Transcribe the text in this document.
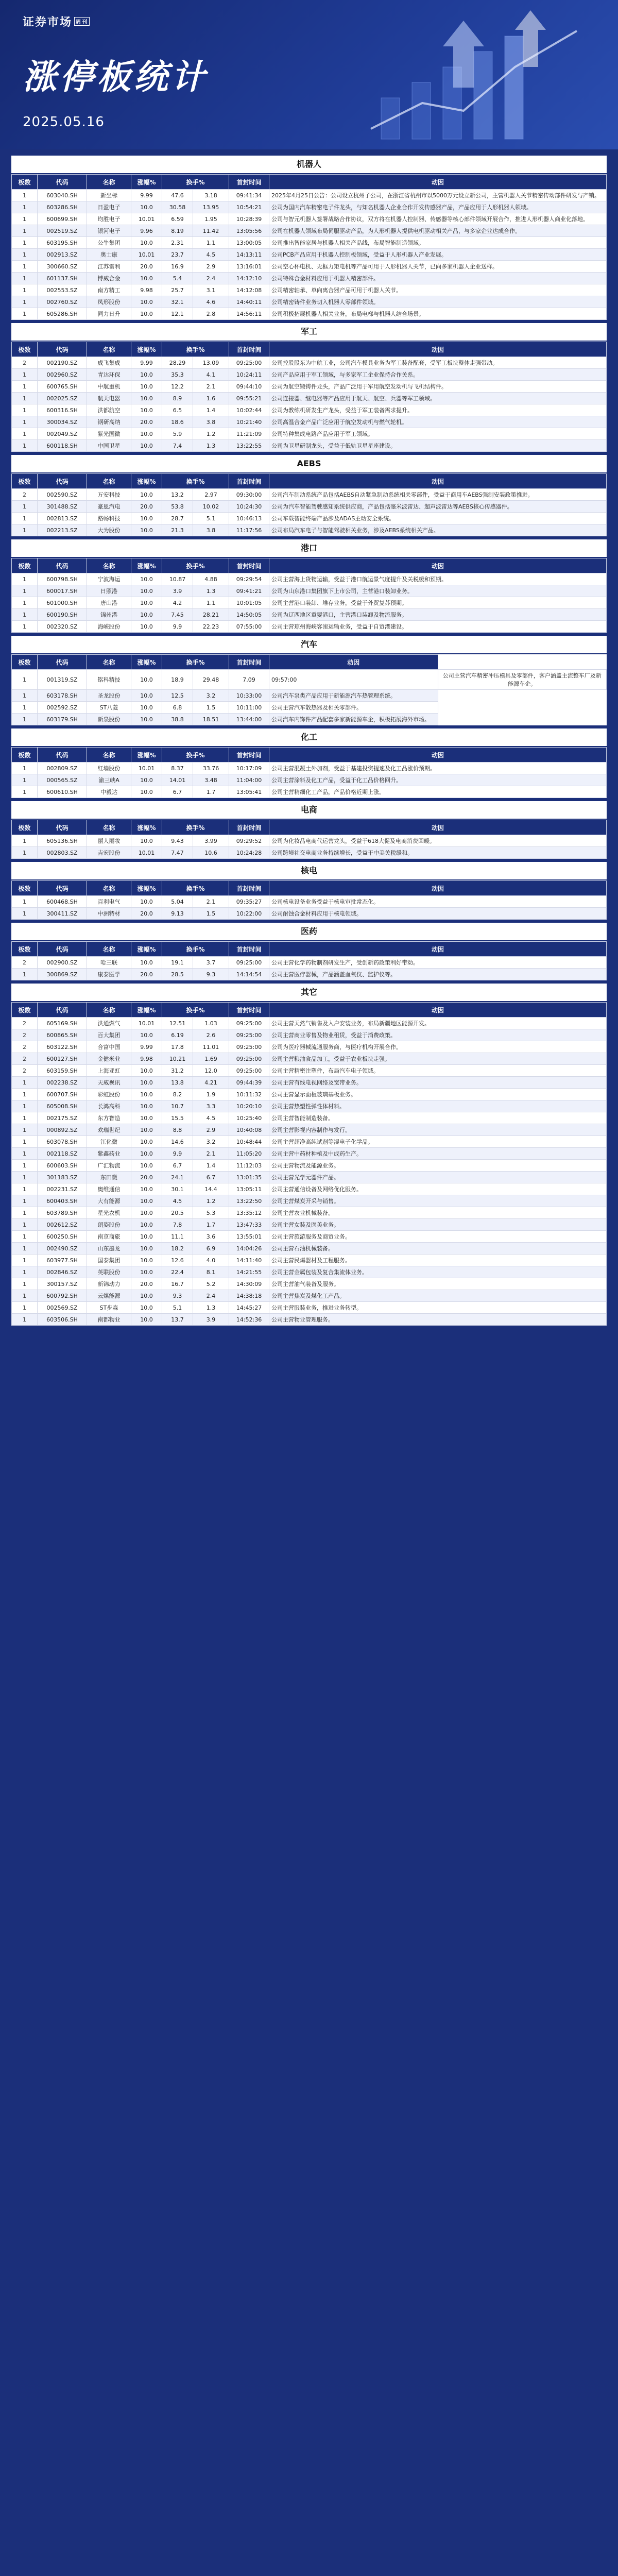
证券市场 周刊
涨停板统计
2025.05.16
机器人
板数	代码	名称	涨幅%	换手%		首封时间	动因
1	603040.SH	新坐标	9.99	47.6	3.18	09:41:34	2025年4月25日公告：公司设立杭州子公司，在浙江省杭州市以5000万元设立新公司，主营机器人关节精密传动部件研发与产销。
1	603286.SH	日盈电子	10.0	30.58	13.95	10:54:21	公司为国内汽车精密电子件龙头，与知名机器人企业合作开发传感器产品，产品应用于人形机器人领域。
1	600699.SH	均胜电子	10.01	6.59	1.95	10:28:39	公司与智元机器人签署战略合作协议，双方将在机器人控制器、传感器等核心部件领域开展合作，推进人形机器人商业化落地。
1	002519.SZ	银河电子	9.96	8.19	11.42	13:05:56	公司在机器人领域布局伺服驱动产品，为人形机器人提供电机驱动相关产品，与多家企业达成合作。
1	603195.SH	公牛集团	10.0	2.31	1.1	13:00:05	公司推出智能家居与机器人相关产品线，布局智能制造领域。
1	002913.SZ	奥士康	10.01	23.7	4.5	14:13:11	公司PCB产品应用于机器人控制板领域，受益于人形机器人产业发展。
1	300660.SZ	江苏雷利	20.0	16.9	2.9	13:16:01	公司空心杯电机、无框力矩电机等产品可用于人形机器人关节，已向多家机器人企业送样。
1	601137.SH	博威合金	10.0	5.4	2.4	14:12:10	公司特殊合金材料应用于机器人精密部件。
1	002553.SZ	南方精工	9.98	25.7	3.1	14:12:08	公司精密轴承、单向离合器产品可用于机器人关节。
1	002760.SZ	凤形股份	10.0	32.1	4.6	14:40:11	公司精密铸件业务切入机器人零部件领域。
1	605286.SH	同力日升	10.0	12.1	2.8	14:56:11	公司积极拓展机器人相关业务，布局电梯与机器人结合场景。
军工
板数	代码	名称	涨幅%	换手%		首封时间	动因
2	002190.SZ	成飞集成	9.99	28.29	13.09	09:25:00	公司控股股东为中航工业，公司汽车模具业务为军工装备配套，受军工板块整体走强带动。
1	002960.SZ	青达环保	10.0	35.3	4.1	10:24:11	公司产品应用于军工领域，与多家军工企业保持合作关系。
1	600765.SH	中航重机	10.0	12.2	2.1	09:44:10	公司为航空锻铸件龙头，产品广泛用于军用航空发动机与飞机结构件。
1	002025.SZ	航天电器	10.0	8.9	1.6	09:55:21	公司连接器、继电器等产品应用于航天、航空、兵器等军工领域。
1	600316.SH	洪都航空	10.0	6.5	1.4	10:02:44	公司为教练机研发生产龙头，受益于军工装备需求提升。
1	300034.SZ	钢研高纳	20.0	18.6	3.8	10:21:40	公司高温合金产品广泛应用于航空发动机与燃气轮机。
1	002049.SZ	紫光国微	10.0	5.9	1.2	11:21:09	公司特种集成电路产品应用于军工领域。
1	600118.SH	中国卫星	10.0	7.4	1.3	13:22:55	公司为卫星研制龙头，受益于低轨卫星星座建设。
AEBS
板数	代码	名称	涨幅%	换手%		首封时间	动因
2	002590.SZ	万安科技	10.0	13.2	2.97	09:30:00	公司汽车制动系统产品包括AEBS自动紧急制动系统相关零部件，受益于商用车AEBS强制安装政策推进。
1	301488.SZ	豪恩汽电	20.0	53.8	10.02	10:24:30	公司为汽车智能驾驶感知系统供应商，产品包括毫米波雷达、超声波雷达等AEBS核心传感器件。
1	002813.SZ	路畅科技	10.0	28.7	5.1	10:46:13	公司车载智能终端产品涉及ADAS主动安全系统。
1	002213.SZ	大为股份	10.0	21.3	3.8	11:17:56	公司布局汽车电子与智能驾驶相关业务，涉及AEBS系统相关产品。
港口
板数	代码	名称	涨幅%	换手%		首封时间	动因
1	600798.SH	宁波海运	10.0	10.87	4.88	09:29:54	公司主营海上货物运输，受益于港口航运景气度提升及关税缓和预期。
1	600017.SH	日照港	10.0	3.9	1.3	09:41:21	公司为山东港口集团旗下上市公司，主营港口装卸业务。
1	601000.SH	唐山港	10.0	4.2	1.1	10:01:05	公司主营港口装卸、堆存业务，受益于外贸复苏预期。
1	600190.SH	锦州港	10.0	7.45	28.21	14:50:05	公司为辽西地区重要港口，主营港口装卸及物流服务。
1	002320.SZ	海峡股份	10.0	9.9	22.23	07:55:00	公司主营琼州海峡客滚运输业务，受益于自贸港建设。
汽车
板数	代码	名称	涨幅%	换手%		首封时间	动因	
1	001319.SZ	铭科精技	10.0	18.9	29.48	7.09	09:57:00	公司主营汽车精密冲压模具及零部件，客户涵盖主流整车厂及新能源车企。
1	603178.SH	圣龙股份	10.0	12.5	3.2	10:33:00	公司汽车泵类产品应用于新能源汽车热管理系统。	
1	002592.SZ	ST八菱	10.0	6.8	1.5	10:11:00	公司主营汽车散热器及相关零部件。	
1	603179.SH	新泉股份	10.0	38.8	18.51	13:44:00	公司汽车内饰件产品配套多家新能源车企，积极拓展海外市场。	
化工
板数	代码	名称	涨幅%	换手%		首封时间	动因
1	002809.SZ	红墙股份	10.01	8.37	33.76	10:17:09	公司主营混凝土外加剂，受益于基建投资提速及化工品涨价预期。
1	000565.SZ	渝三峡A	10.0	14.01	3.48	11:04:00	公司主营涂料及化工产品，受益于化工品价格回升。
1	600610.SH	中毅达	10.0	6.7	1.7	13:05:41	公司主营精细化工产品，产品价格近期上涨。
电商
板数	代码	名称	涨幅%	换手%		首封时间	动因
1	605136.SH	丽人丽妆	10.0	9.43	3.99	09:29:52	公司为化妆品电商代运营龙头，受益于618大促及电商消费回暖。
1	002803.SZ	吉宏股份	10.01	7.47	10.6	10:24:28	公司跨境社交电商业务持续增长，受益于中美关税缓和。
核电
板数	代码	名称	涨幅%	换手%		首封时间	动因
1	600468.SH	百利电气	10.0	5.04	2.1	09:35:27	公司核电设备业务受益于核电审批常态化。
1	300411.SZ	中洲特材	20.0	9.13	1.5	10:22:00	公司耐蚀合金材料应用于核电领域。
医药
板数	代码	名称	涨幅%	换手%		首封时间	动因
2	002900.SZ	哈三联	10.0	19.1	3.7	09:25:00	公司主营化学药物制剂研发生产，受创新药政策利好带动。
1	300869.SZ	康泰医学	20.0	28.5	9.3	14:14:54	公司主营医疗器械，产品涵盖血氧仪、监护仪等。
其它
板数	代码	名称	涨幅%	换手%		首封时间	动因
2	605169.SH	洪通燃气	10.01	12.51	1.03	09:25:00	公司主营天然气销售及入户安装业务，布局新疆地区能源开发。
2	600865.SH	百大集团	10.0	6.19	2.6	09:25:00	公司主营商业零售及物业租赁，受益于消费政策。
2	603122.SH	合富中国	9.99	17.8	11.01	09:25:00	公司为医疗器械流通服务商，与医疗机构开展合作。
2	600127.SH	金健米业	9.98	10.21	1.69	09:25:00	公司主营粮油食品加工，受益于农业板块走强。
2	603159.SH	上海亚虹	10.0	31.2	12.0	09:25:00	公司主营精密注塑件，布局汽车电子领域。
1	002238.SZ	天威视讯	10.0	13.8	4.21	09:44:39	公司主营有线电视网络及宽带业务。
1	600707.SH	彩虹股份	10.0	8.2	1.9	10:11:32	公司主营显示面板玻璃基板业务。
1	605008.SH	长鸿高科	10.0	10.7	3.3	10:20:10	公司主营热塑性弹性体材料。
1	002175.SZ	东方智造	10.0	15.5	4.5	10:25:40	公司主营智能制造装备。
1	000892.SZ	欢瑞世纪	10.0	8.8	2.9	10:40:08	公司主营影视内容制作与发行。
1	603078.SH	江化微	10.0	14.6	3.2	10:48:44	公司主营超净高纯试剂等湿电子化学品。
1	002118.SZ	紫鑫药业	10.0	9.9	2.1	11:05:20	公司主营中药材种植及中成药生产。
1	600603.SH	广汇物流	10.0	6.7	1.4	11:12:03	公司主营物流及能源业务。
1	301183.SZ	东田微	20.0	24.1	6.7	13:01:35	公司主营光学元器件产品。
1	002231.SZ	奥维通信	10.0	30.1	14.4	13:05:11	公司主营通信设备及网络优化服务。
1	600403.SH	大有能源	10.0	4.5	1.2	13:22:50	公司主营煤炭开采与销售。
1	603789.SH	星光农机	10.0	20.5	5.3	13:35:12	公司主营农业机械装备。
1	002612.SZ	朗姿股份	10.0	7.8	1.7	13:47:33	公司主营女装及医美业务。
1	600250.SH	南京商旅	10.0	11.1	3.6	13:55:01	公司主营旅游服务及商贸业务。
1	002490.SZ	山东墨龙	10.0	18.2	6.9	14:04:26	公司主营石油机械装备。
1	603977.SH	国泰集团	10.0	12.6	4.0	14:11:40	公司主营民爆器材及工程服务。
1	002846.SZ	英联股份	10.0	22.4	8.1	14:21:55	公司主营金属包装及复合集流体业务。
1	300157.SZ	新锦动力	20.0	16.7	5.2	14:30:09	公司主营油气装备及服务。
1	600792.SH	云煤能源	10.0	9.3	2.4	14:38:18	公司主营焦炭及煤化工产品。
1	002569.SZ	ST步森	10.0	5.1	1.3	14:45:27	公司主营服装业务，推进业务转型。
1	603506.SH	南都物业	10.0	13.7	3.9	14:52:36	公司主营物业管理服务。
